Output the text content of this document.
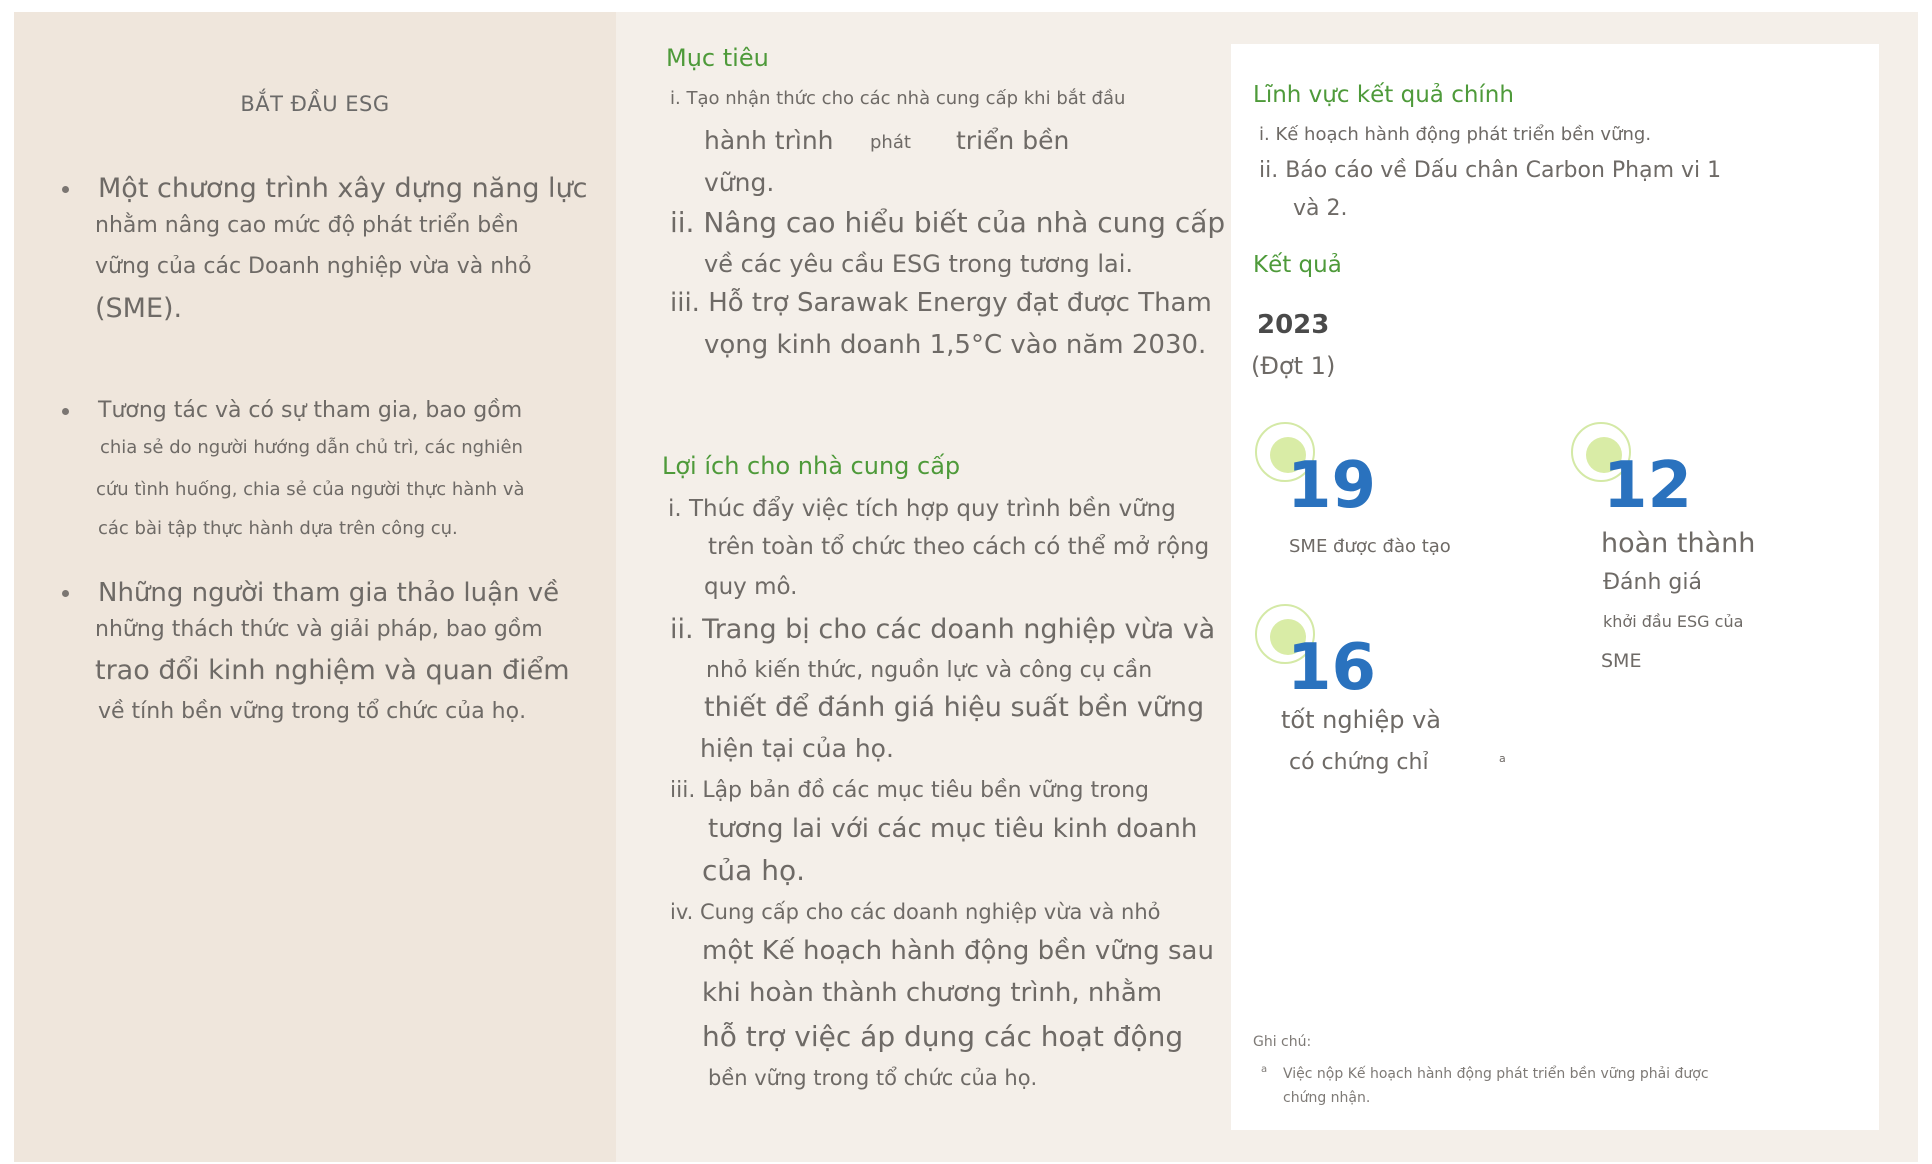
BẮT ĐẦU ESG
Một chương trình xây dựng năng lực
nhằm nâng cao mức độ phát triển bền
vững của các Doanh nghiệp vừa và nhỏ
(SME).
Tương tác và có sự tham gia, bao gồm
chia sẻ do người hướng dẫn chủ trì, các nghiên
cứu tình huống, chia sẻ của người thực hành và
các bài tập thực hành dựa trên công cụ.
Những người tham gia thảo luận về
những thách thức và giải pháp, bao gồm
trao đổi kinh nghiệm và quan điểm
về tính bền vững trong tổ chức của họ.
Mục tiêu
i. Tạo nhận thức cho các nhà cung cấp khi bắt đầu
hành trình phát triển bền
vững.
ii. Nâng cao hiểu biết của nhà cung cấp
về các yêu cầu ESG trong tương lai.
iii. Hỗ trợ Sarawak Energy đạt được Tham
vọng kinh doanh 1,5°C vào năm 2030.
Lợi ích cho nhà cung cấp
i. Thúc đẩy việc tích hợp quy trình bền vững
trên toàn tổ chức theo cách có thể mở rộng
quy mô.
ii. Trang bị cho các doanh nghiệp vừa và
nhỏ kiến thức, nguồn lực và công cụ cần
thiết để đánh giá hiệu suất bền vững
hiện tại của họ.
iii. Lập bản đồ các mục tiêu bền vững trong
tương lai với các mục tiêu kinh doanh
của họ.
iv. Cung cấp cho các doanh nghiệp vừa và nhỏ
một Kế hoạch hành động bền vững sau
khi hoàn thành chương trình, nhằm
hỗ trợ việc áp dụng các hoạt động
bền vững trong tổ chức của họ.
Lĩnh vực kết quả chính
i. Kế hoạch hành động phát triển bền vững.
ii. Báo cáo về Dấu chân Carbon Phạm vi 1
và 2.
Kết quả
2023
(Đợt 1)
19
SME được đào tạo
12
hoàn thành
Đánh giá
khởi đầu ESG của
SME
16
tốt nghiệp và
có chứng chỉ	a
Ghi chú:
a Việc nộp Kế hoạch hành động phát triển bền vững phải được
chứng nhận.
